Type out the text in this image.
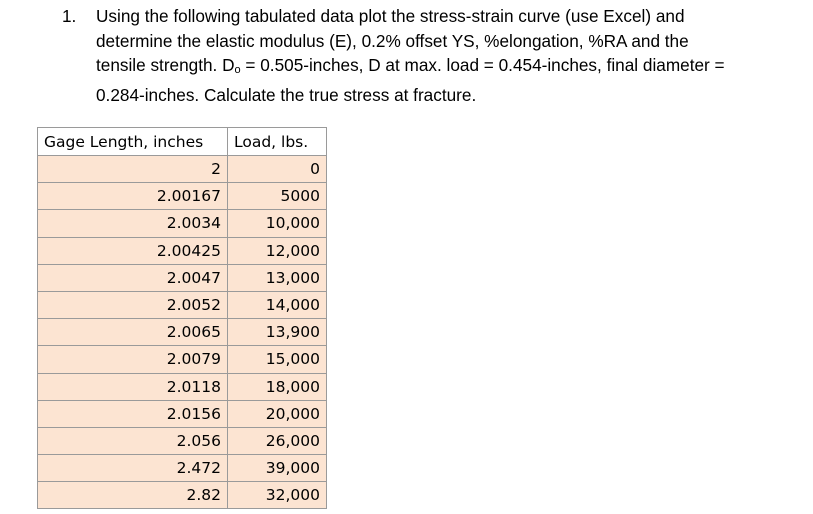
1. Using the following tabulated data plot the stress-strain curve (use Excel) and
determine the elastic modulus (E), 0.2% offset YS, %elongation, %RA and the
tensile strength. Do = 0.505-inches, D at max. load = 0.454-inches, final diameter =
0.284-inches. Calculate the true stress at fracture.
Gage Length, inches	Load, lbs.
2	0
2.00167	5000
2.0034	10,000
2.00425	12,000
2.0047	13,000
2.0052	14,000
2.0065	13,900
2.0079	15,000
2.0118	18,000
2.0156	20,000
2.056	26,000
2.472	39,000
2.82	32,000
